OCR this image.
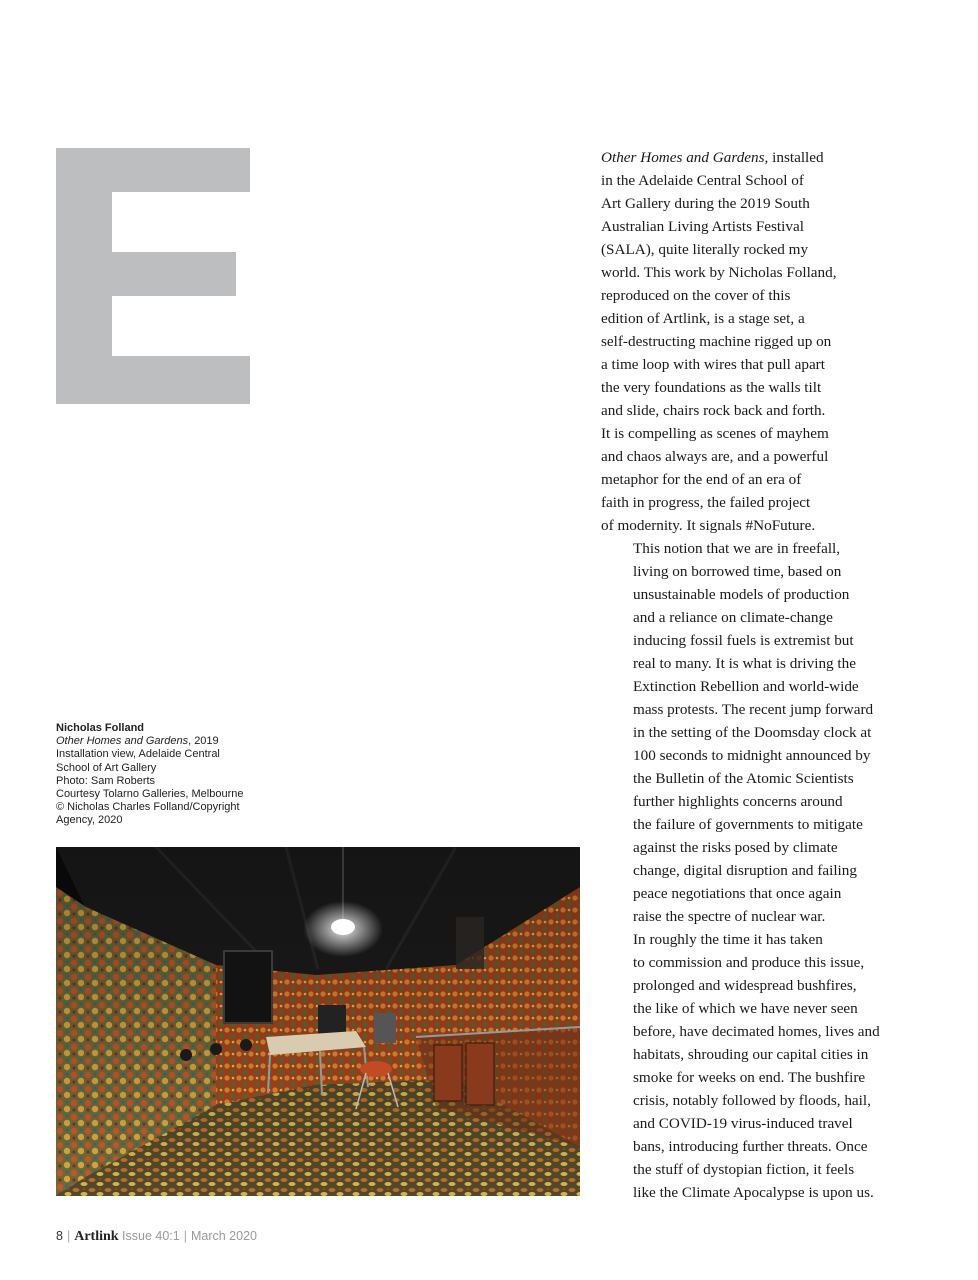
Nicholas Folland
Other Homes and Gardens, 2019
Installation view, Adelaide Central
School of Art Gallery
Photo: Sam Roberts
Courtesy Tolarno Galleries, Melbourne
© Nicholas Charles Folland/Copyright
Agency, 2020

Other Homes and Gardens, installed
in the Adelaide Central School of
Art Gallery during the 2019 South
Australian Living Artists Festival
(SALA), quite literally rocked my
world. This work by Nicholas Folland,
reproduced on the cover of this
edition of Artlink, is a stage set, a
self-destructing machine rigged up on
a time loop with wires that pull apart
the very foundations as the walls tilt
and slide, chairs rock back and forth.
It is compelling as scenes of mayhem
and chaos always are, and a powerful
metaphor for the end of an era of
faith in progress, the failed project
of modernity. It signals #NoFuture.

This notion that we are in freefall,
living on borrowed time, based on
unsustainable models of production
and a reliance on climate-change
inducing fossil fuels is extremist but
real to many. It is what is driving the
Extinction Rebellion and world-wide
mass protests. The recent jump forward
in the setting of the Doomsday clock at
100 seconds to midnight announced by
the Bulletin of the Atomic Scientists
further highlights concerns around
the failure of governments to mitigate
against the risks posed by climate
change, digital disruption and failing
peace negotiations that once again
raise the spectre of nuclear war.

In roughly the time it has taken
to commission and produce this issue,
prolonged and widespread bushfires,
the like of which we have never seen
before, have decimated homes, lives and
habitats, shrouding our capital cities in
smoke for weeks on end. The bushfire
crisis, notably followed by floods, hail,
and COVID-19 virus-induced travel
bans, introducing further threats. Once
the stuff of dystopian fiction, it feels
like the Climate Apocalypse is upon us.

8 | Artlink Issue 40:1 | March 2020
